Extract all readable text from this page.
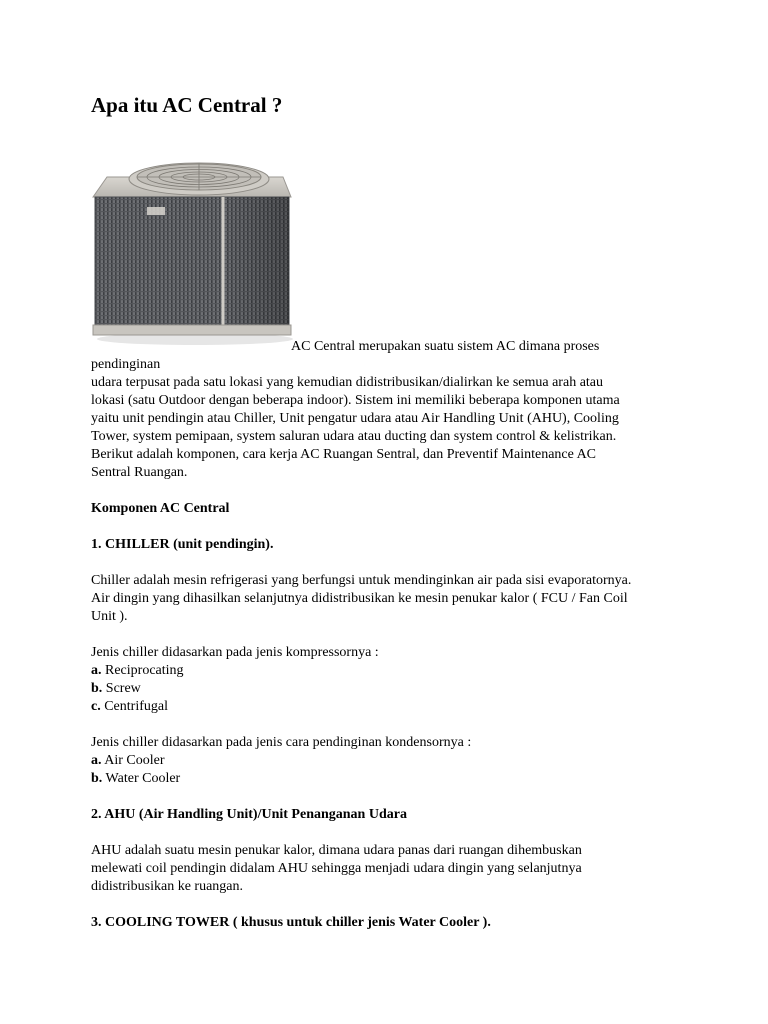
Apa itu AC Central ?

AC Central merupakan suatu sistem AC dimana proses

pendinginan

udara terpusat pada satu lokasi yang kemudian didistribusikan/dialirkan ke semua arah atau

lokasi (satu Outdoor dengan beberapa indoor). Sistem ini memiliki beberapa komponen utama

yaitu unit pendingin atau Chiller, Unit pengatur udara atau Air Handling Unit (AHU), Cooling

Tower, system pemipaan, system saluran udara atau ducting dan system control & kelistrikan.

Berikut adalah komponen, cara kerja AC Ruangan Sentral, dan Preventif Maintenance AC

Sentral Ruangan.

Komponen AC Central

1. CHILLER (unit pendingin).

Chiller adalah mesin refrigerasi yang berfungsi untuk mendinginkan air pada sisi evaporatornya.

Air dingin yang dihasilkan selanjutnya didistribusikan ke mesin penukar kalor ( FCU / Fan Coil

Unit ).

Jenis chiller didasarkan pada jenis kompressornya :

a. Reciprocating

b. Screw

c. Centrifugal

Jenis chiller didasarkan pada jenis cara pendinginan kondensornya :

a. Air Cooler

b. Water Cooler

2. AHU (Air Handling Unit)/Unit Penanganan Udara

AHU adalah suatu mesin penukar kalor, dimana udara panas dari ruangan dihembuskan

melewati coil pendingin didalam AHU sehingga menjadi udara dingin yang selanjutnya

didistribusikan ke ruangan.

3. COOLING TOWER ( khusus untuk chiller jenis Water Cooler ).
